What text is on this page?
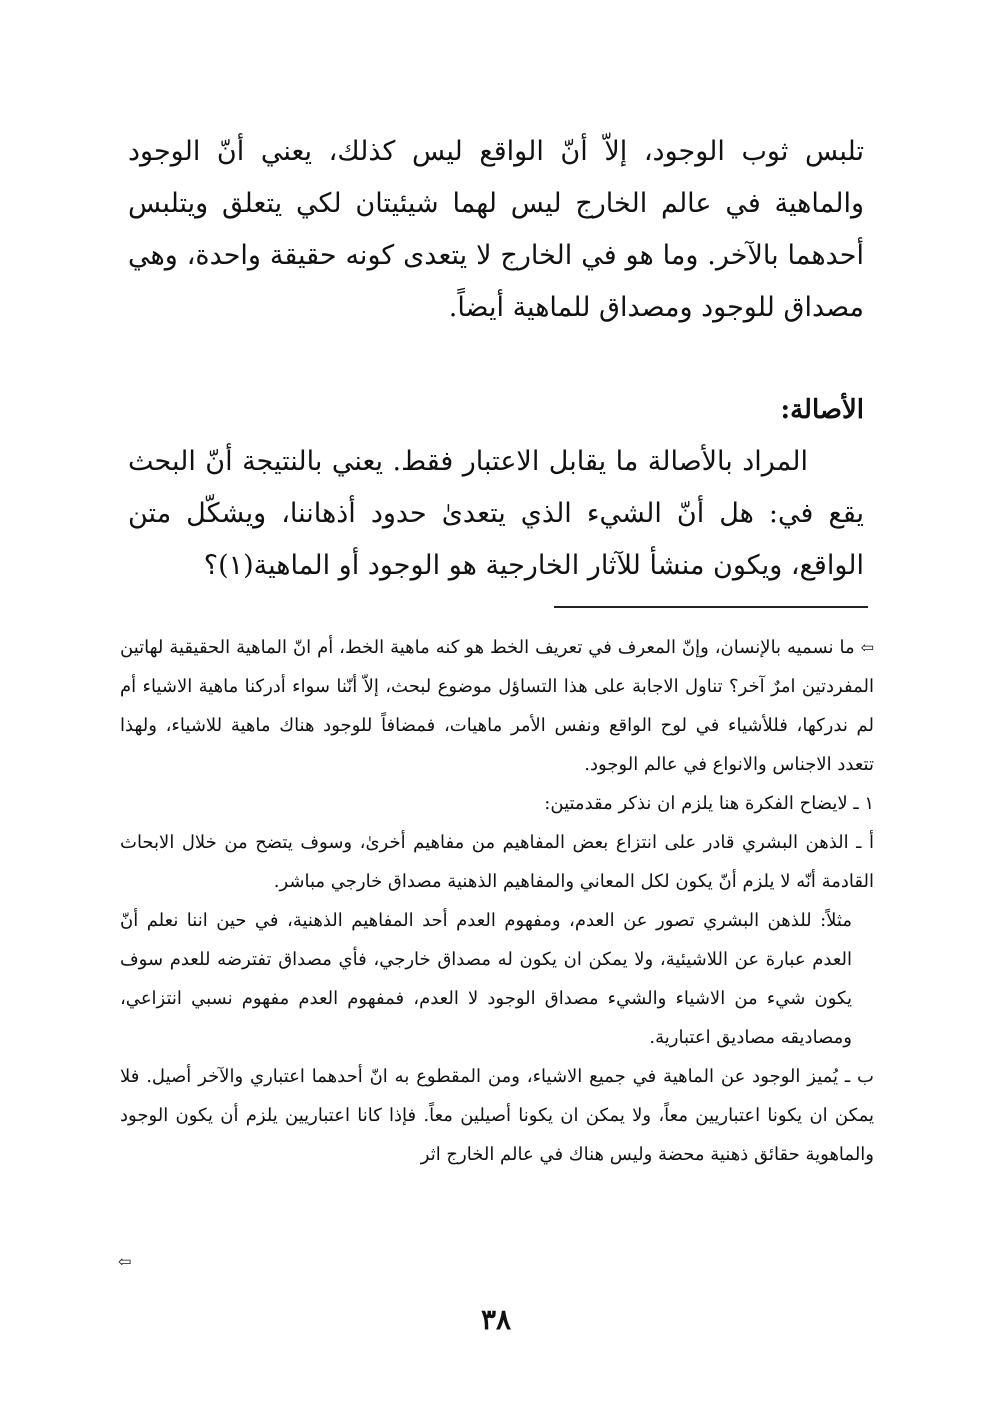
تلبس ثوب الوجود، إلاّ أنّ الواقع ليس كذلك، يعني أنّ الوجود والماهية في عالم الخارج ليس لهما شيئيتان لكي يتعلق ويتلبس أحدهما بالآخر. وما هو في الخارج لا يتعدى كونه حقيقة واحدة، وهي مصداق للوجود ومصداق للماهية أيضاً.

الأصالة:

المراد بالأصالة ما يقابل الاعتبار فقط. يعني بالنتيجة أنّ البحث يقع في: هل أنّ الشيء الذي يتعدىٰ حدود أذهاننا، ويشكّل متن الواقع، ويكون منشأ للآثار الخارجية هو الوجود أو الماهية(١)؟

⇦ما نسميه بالإنسان، وإنّ المعرف في تعريف الخط هو كنه ماهية الخط، أم انّ الماهية الحقيقية لهاتين المفردتين امرٌ آخر؟ تناول الاجابة على هذا التساؤل موضوع لبحث، إلاّ أنّنا سواء أدركنا ماهية الاشياء أم لم ندركها، فللأشياء في لوح الواقع ونفس الأمر ماهيات، فمضافاً للوجود هناك ماهية للاشياء، ولهذا تتعدد الاجناس والانواع في عالم الوجود.

١ ـ لايضاح الفكرة هنا يلزم ان نذكر مقدمتين:

أ ـ الذهن البشري قادر على انتزاع بعض المفاهيم من مفاهيم أخرىٰ، وسوف يتضح من خلال الابحاث القادمة أنّه لا يلزم أنّ يكون لكل المعاني والمفاهيم الذهنية مصداق خارجي مباشر.

مثلاً: للذهن البشري تصور عن العدم، ومفهوم العدم أحد المفاهيم الذهنية، في حين اننا نعلم أنّ العدم عبارة عن اللاشيئية، ولا يمكن ان يكون له مصداق خارجي، فأي مصداق تفترضه للعدم سوف يكون شيء من الاشياء والشيء مصداق الوجود لا العدم، فمفهوم العدم مفهوم نسبي انتزاعي، ومصاديقه مصاديق اعتبارية.

ب ـ يُميز الوجود عن الماهية في جميع الاشياء، ومن المقطوع به انّ أحدهما اعتباري والآخر أصيل. فلا يمكن ان يكونا اعتباريين معاً، ولا يمكن ان يكونا أصيلين معاً. فإذا كانا اعتباريين يلزم أن يكون الوجود والماهوية حقائق ذهنية محضة وليس هناك في عالم الخارج اثر

⇦
٣٨
